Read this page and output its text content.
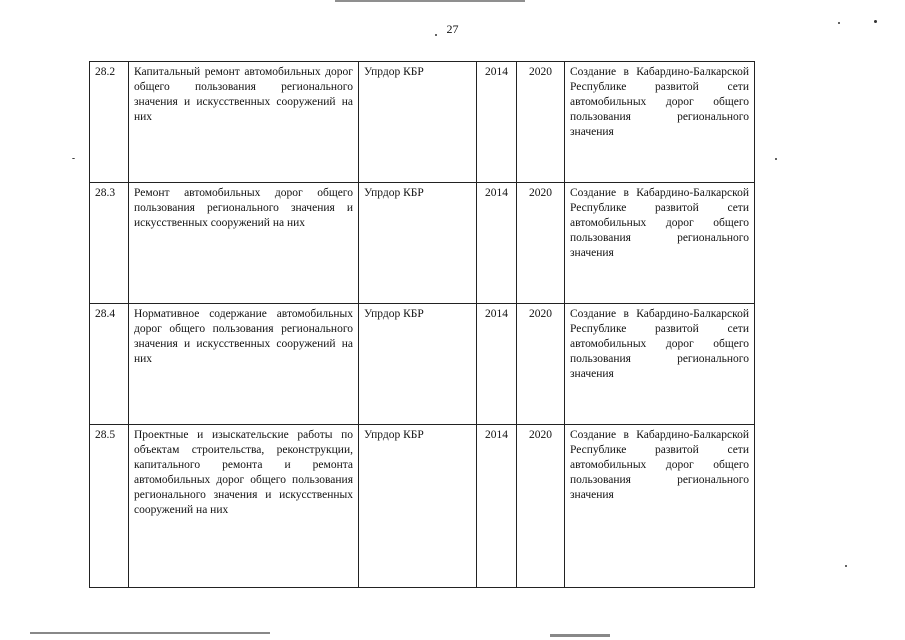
27
28.2	Капитальный ремонт автомобильных дорог общего пользования регионального значения и искусственных сооружений на них	Упрдор КБР	2014	2020	Создание в Кабардино-Балкарской Республике развитой сети автомобильных дорог общего пользования регионального значения
28.3	Ремонт автомобильных дорог общего пользования регионального значения и искусственных сооружений на них	Упрдор КБР	2014	2020	Создание в Кабардино-Балкарской Республике развитой сети автомобильных дорог общего пользования регионального значения
28.4	Нормативное содержание автомобильных дорог общего пользования регионального значения и искусственных сооружений на них	Упрдор КБР	2014	2020	Создание в Кабардино-Балкарской Республике развитой сети автомобильных дорог общего пользования регионального значения
28.5	Проектные и изыскательские работы по объектам строительства, реконструкции, капитального ремонта и ремонта автомобильных дорог общего пользования регионального значения и искусственных сооружений на них	Упрдор КБР	2014	2020	Создание в Кабардино-Балкарской Республике развитой сети автомобильных дорог общего пользования регионального значения
